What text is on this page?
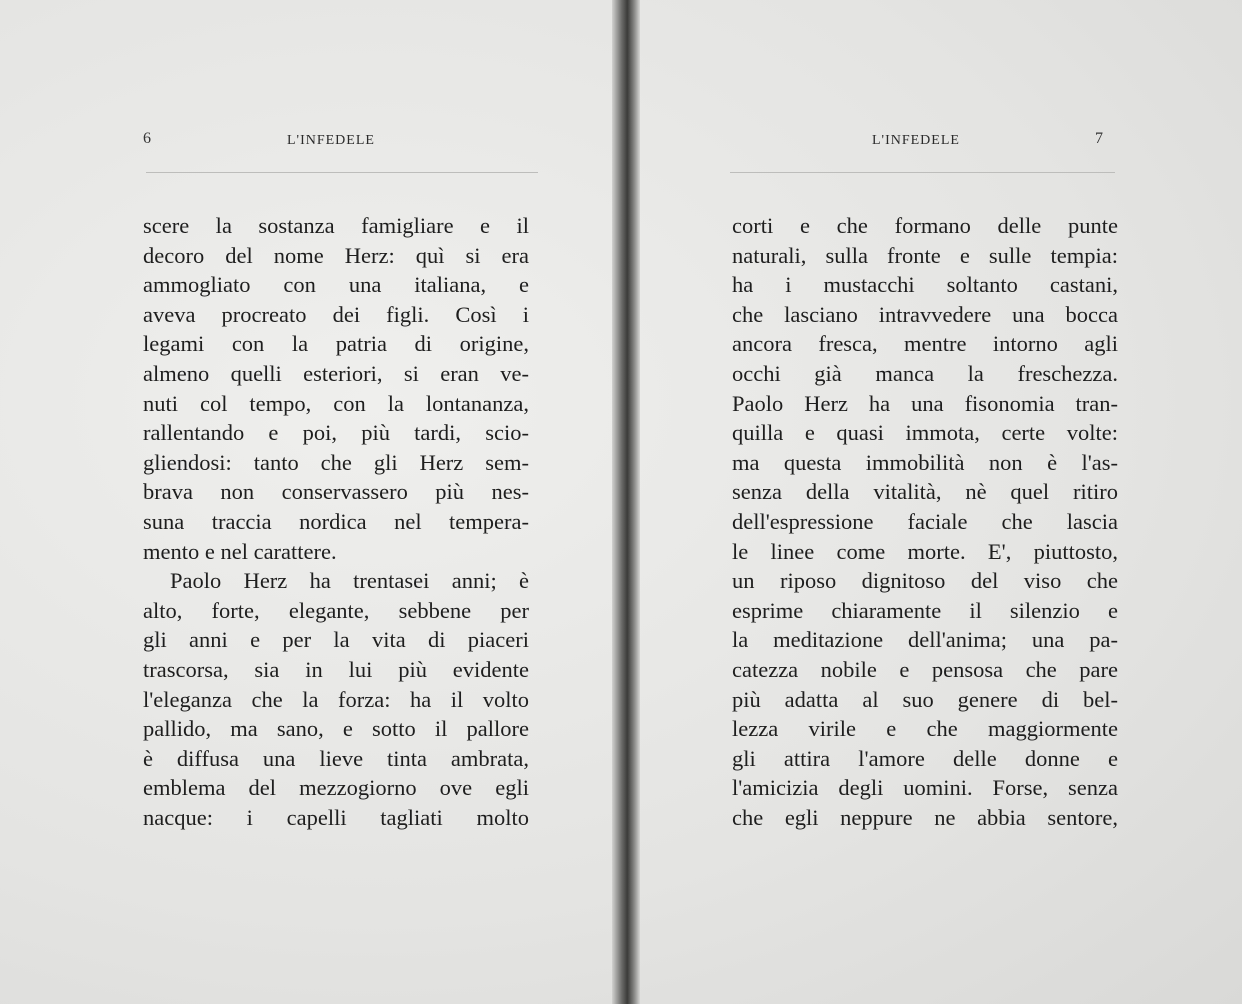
6	L'INFEDELE
scere la sostanza famigliare e il
decoro del nome Herz: quì si era
ammogliato con una italiana, e
aveva procreato dei figli. Così i
legami con la patria di origine,
almeno quelli esteriori, si eran ve-
nuti col tempo, con la lontananza,
rallentando e poi, più tardi, scio-
gliendosi: tanto che gli Herz sem-
brava non conservassero più nes-
suna traccia nordica nel tempera-
mento e nel carattere.
Paolo Herz ha trentasei anni; è
alto, forte, elegante, sebbene per
gli anni e per la vita di piaceri
trascorsa, sia in lui più evidente
l'eleganza che la forza: ha il volto
pallido, ma sano, e sotto il pallore
è diffusa una lieve tinta ambrata,
emblema del mezzogiorno ove egli
nacque: i capelli tagliati molto
L'INFEDELE	7
corti e che formano delle punte
naturali, sulla fronte e sulle tempia:
ha i mustacchi soltanto castani,
che lasciano intravvedere una bocca
ancora fresca, mentre intorno agli
occhi già manca la freschezza.
Paolo Herz ha una fisonomia tran-
quilla e quasi immota, certe volte:
ma questa immobilità non è l'as-
senza della vitalità, nè quel ritiro
dell'espressione faciale che lascia
le linee come morte. E', piuttosto,
un riposo dignitoso del viso che
esprime chiaramente il silenzio e
la meditazione dell'anima; una pa-
catezza nobile e pensosa che pare
più adatta al suo genere di bel-
lezza virile e che maggiormente
gli attira l'amore delle donne e
l'amicizia degli uomini. Forse, senza
che egli neppure ne abbia sentore,
